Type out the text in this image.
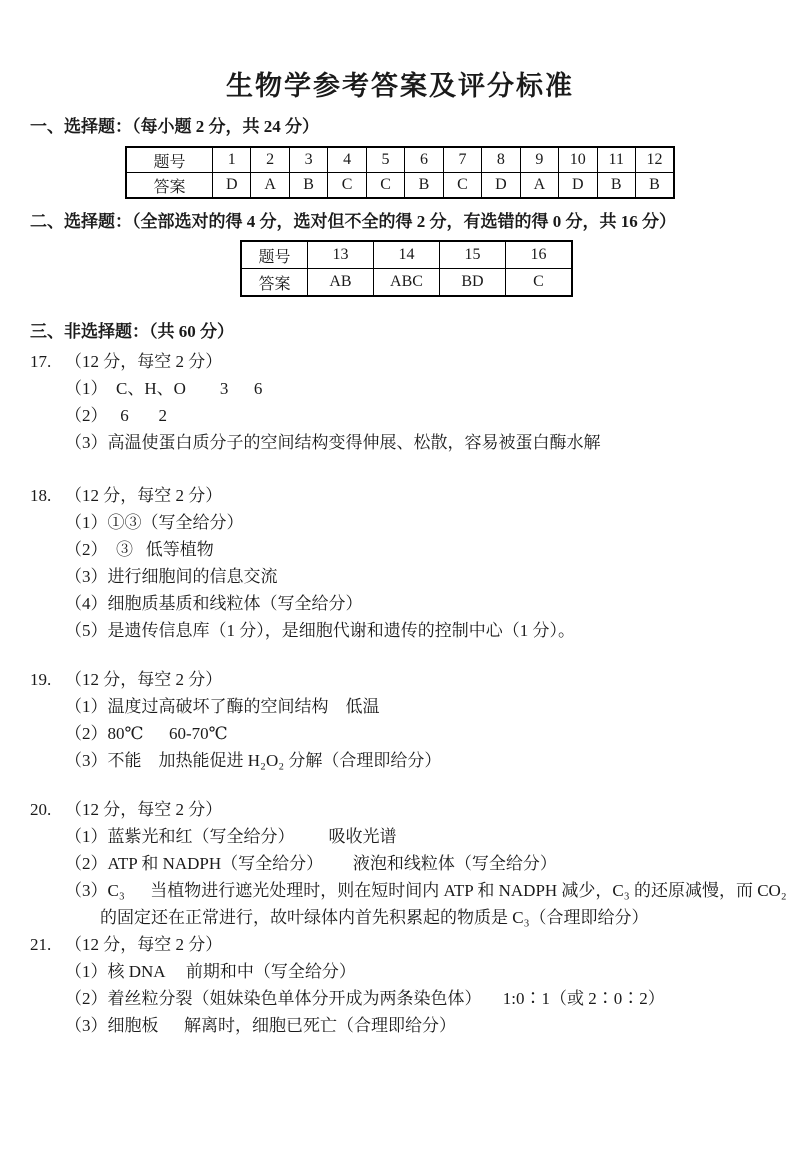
生物学参考答案及评分标准
一、选择题：（每小题 2 分，共 24 分）
题号	1	2	3	4	5	6	7	8	9	10	11	12
答案	D	A	B	C	C	B	C	D	A	D	B	B
二、选择题：（全部选对的得 4 分，选对但不全的得 2 分，有选错的得 0 分，共 16 分）
题号	13	14	15	16
答案	AB	ABC	BD	C
三、非选择题：（共 60 分）
17. （12 分，每空 2 分）
（1）  C、H、O        3      6
（2）   6       2
（3）高温使蛋白质分子的空间结构变得伸展、松散，容易被蛋白酶水解
18. （12 分，每空 2 分）
（1）①③（写全给分）
（2）  ③   低等植物
（3）进行细胞间的信息交流
（4）细胞质基质和线粒体（写全给分）
（5）是遗传信息库（1 分），是细胞代谢和遗传的控制中心（1 分）。
19. （12 分，每空 2 分）
（1）温度过高破坏了酶的空间结构    低温
（2）80℃      60-70℃
（3）不能    加热能促进 H₂O₂ 分解（合理即给分）
20. （12 分，每空 2 分）
（1）蓝紫光和红（写全给分）        吸收光谱
（2）ATP 和 NADPH（写全给分）       液泡和线粒体（写全给分）
（3）C₃      当植物进行遮光处理时，则在短时间内 ATP 和 NADPH 减少，C₃ 的还原减慢，而 CO₂ 的固定还在正常进行，故叶绿体内首先积累起的物质是 C₃（合理即给分）
21. （12 分，每空 2 分）
（1）核 DNA     前期和中（写全给分）
（2）着丝粒分裂（姐妹染色单体分开成为两条染色体）     1:0∶1（或 2∶0∶2）
（3）细胞板      解离时，细胞已死亡（合理即给分）
